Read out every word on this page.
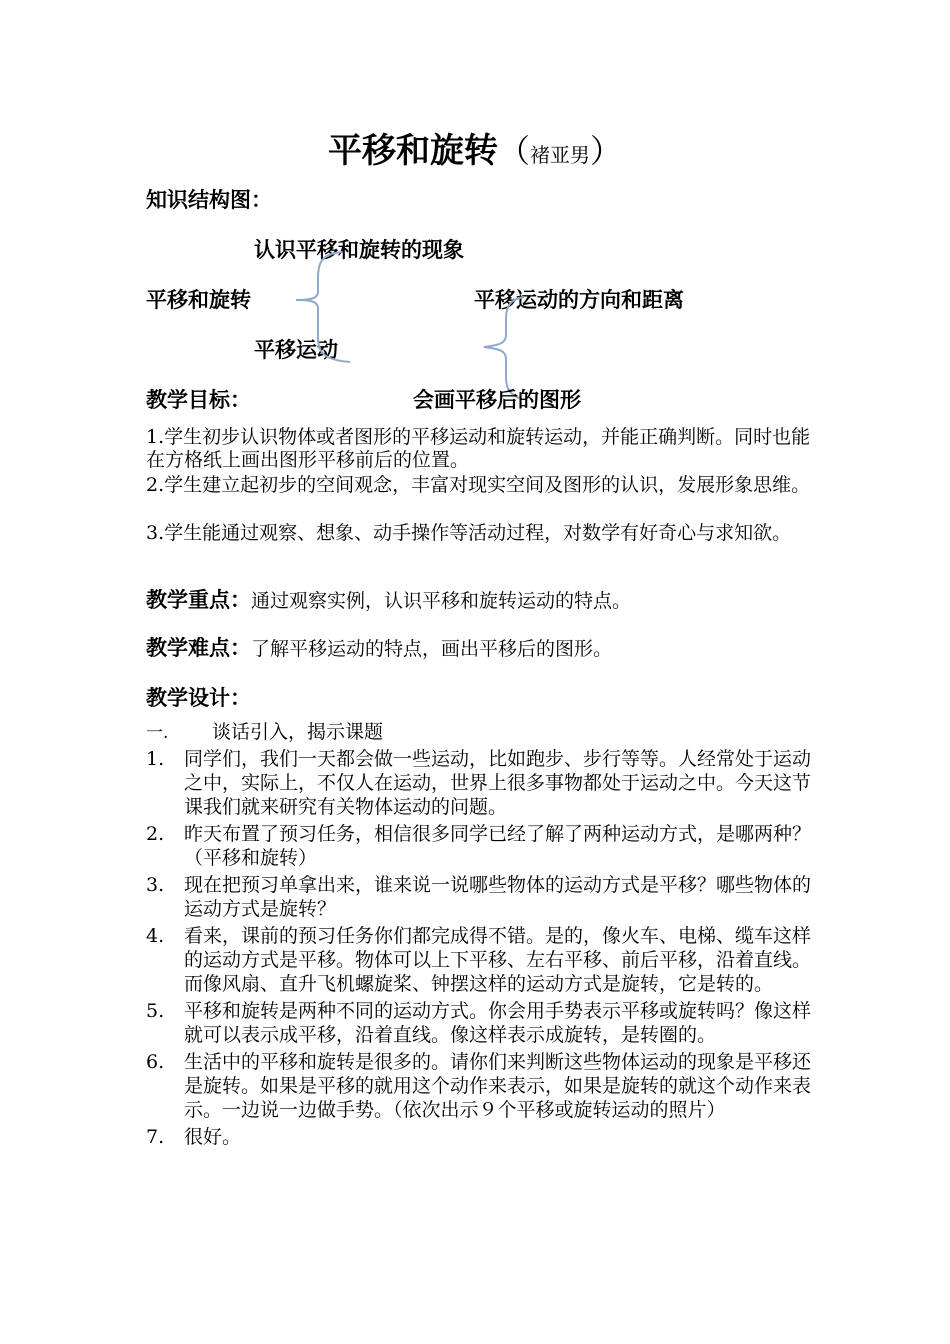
平移和旋转（褚亚男）
知识结构图：
认识平移和旋转的现象
平移和旋转	平移运动的方向和距离
平移运动
教学目标：	会画平移后的图形
1.学生初步认识物体或者图形的平移运动和旋转运动，并能正确判断。同时也能在方格纸上画出图形平移前后的位置。
2.学生建立起初步的空间观念，丰富对现实空间及图形的认识，发展形象思维。
3.学生能通过观察、想象、动手操作等活动过程，对数学有好奇心与求知欲。
教学重点：通过观察实例，认识平移和旋转运动的特点。
教学难点：了解平移运动的特点，画出平移后的图形。
教学设计：
一. 谈话引入，揭示课题
1. 同学们，我们一天都会做一些运动，比如跑步、步行等等。人经常处于运动之中，实际上，不仅人在运动，世界上很多事物都处于运动之中。今天这节课我们就来研究有关物体运动的问题。
2. 昨天布置了预习任务，相信很多同学已经了解了两种运动方式，是哪两种？（平移和旋转）
3. 现在把预习单拿出来，谁来说一说哪些物体的运动方式是平移？哪些物体的运动方式是旋转？
4. 看来，课前的预习任务你们都完成得不错。是的，像火车、电梯、缆车这样的运动方式是平移。物体可以上下平移、左右平移、前后平移，沿着直线。而像风扇、直升飞机螺旋桨、钟摆这样的运动方式是旋转，它是转的。
5. 平移和旋转是两种不同的运动方式。你会用手势表示平移或旋转吗？像这样就可以表示成平移，沿着直线。像这样表示成旋转，是转圈的。
6. 生活中的平移和旋转是很多的。请你们来判断这些物体运动的现象是平移还是旋转。如果是平移的就用这个动作来表示，如果是旋转的就这个动作来表示。一边说一边做手势。（依次出示９个平移或旋转运动的照片）
7. 很好。
